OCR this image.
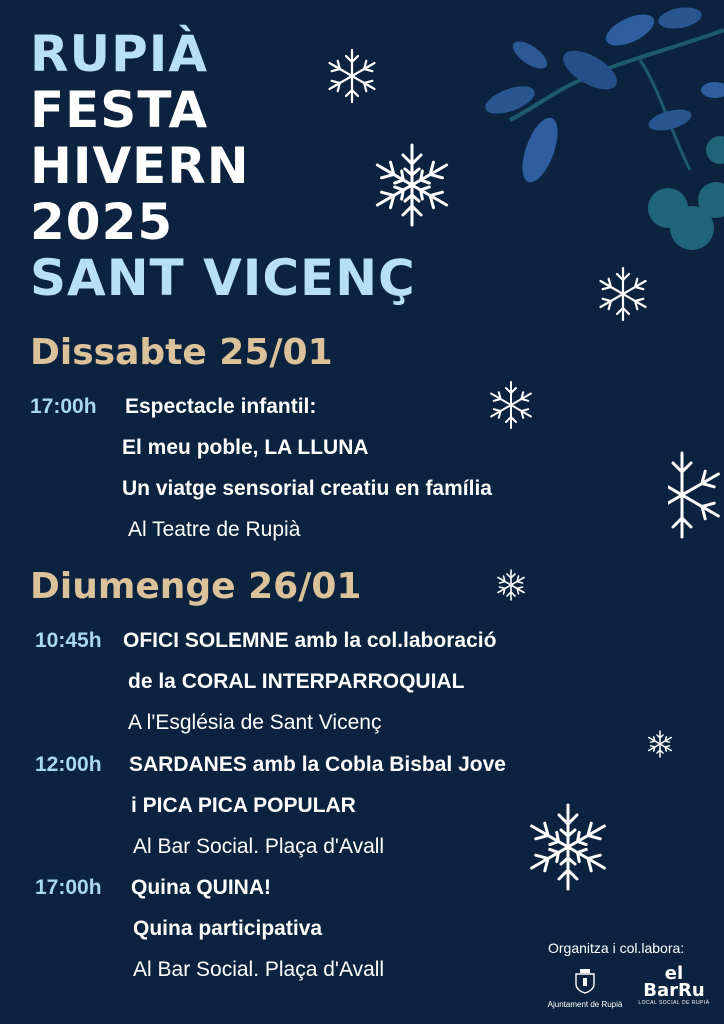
RUPIÀ
FESTA
HIVERN
2025
SANT VICENÇ
Dissabte 25/01
17:00h Espectacle infantil:
El meu poble, LA LLUNA
Un viatge sensorial creatiu en família
Al Teatre de Rupià
Diumenge 26/01
10:45h OFICI SOLEMNE amb la col.laboració
de la CORAL INTERPARROQUIAL
A l'Església de Sant Vicenç
12:00h SARDANES amb la Cobla Bisbal Jove
i PICA PICA POPULAR
Al Bar Social. Plaça d'Avall
17:00h Quina QUINA!
Quina participativa
Al Bar Social. Plaça d'Avall
Organitza i col.labora:
Ajuntament de Rupià
el
BarRu
LOCAL SOCIAL DE RUPIÀ
